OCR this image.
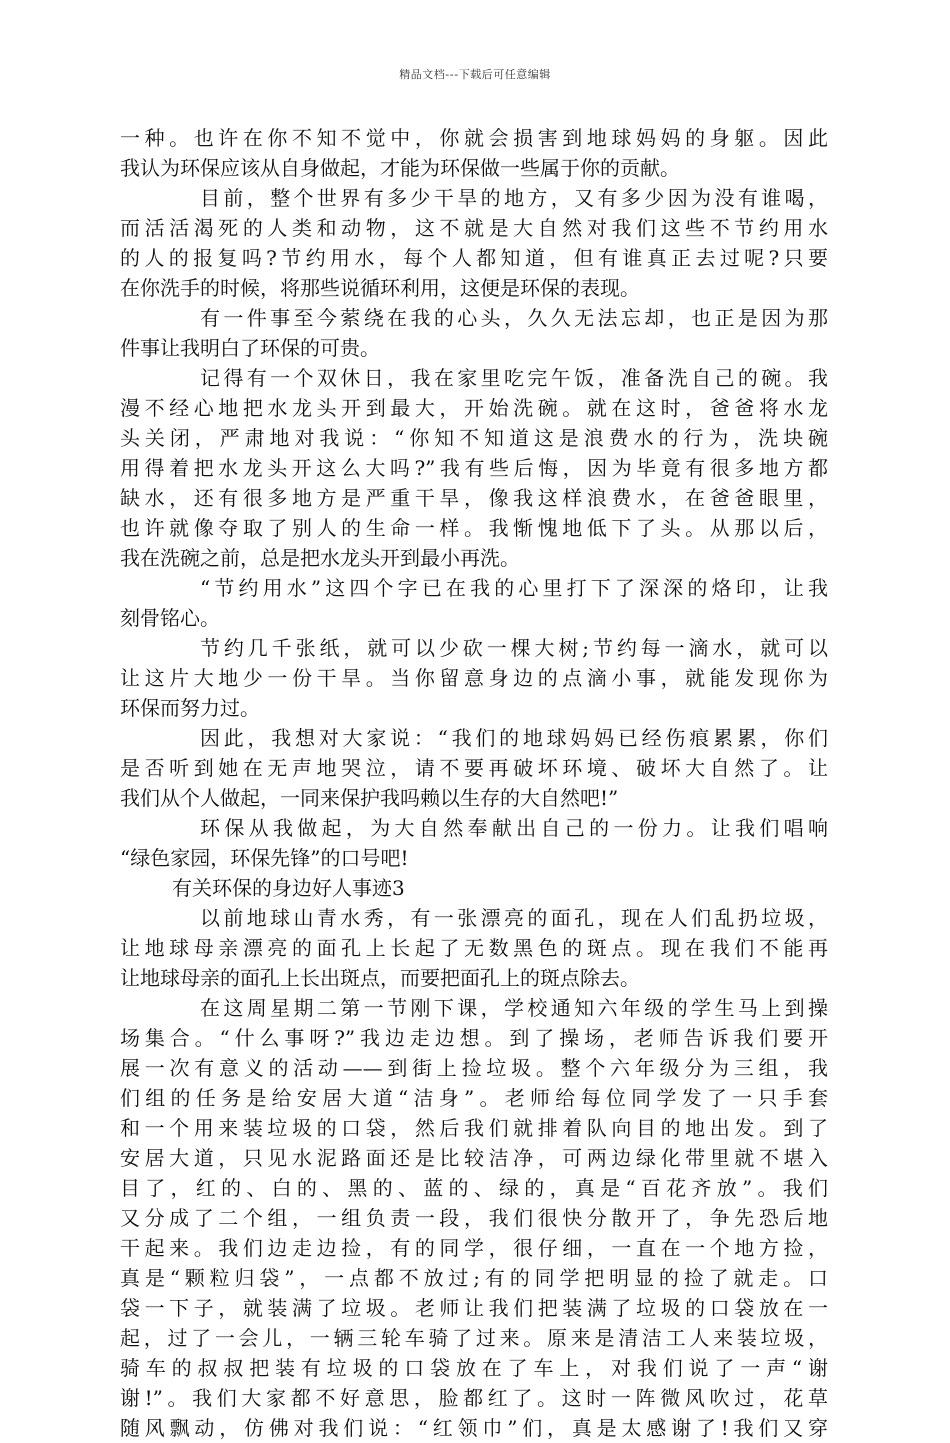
精品文档---下载后可任意编辑
一种。也许在你不知不觉中，你就会损害到地球妈妈的身躯。因此
我认为环保应该从自身做起，才能为环保做一些属于你的贡献。
目前，整个世界有多少干旱的地方，又有多少因为没有谁喝，
而活活渴死的人类和动物，这不就是大自然对我们这些不节约用水
的人的报复吗?节约用水，每个人都知道，但有谁真正去过呢?只要
在你洗手的时候，将那些说循环利用，这便是环保的表现。
有一件事至今萦绕在我的心头，久久无法忘却，也正是因为那
件事让我明白了环保的可贵。
记得有一个双休日，我在家里吃完午饭，准备洗自己的碗。我
漫不经心地把水龙头开到最大，开始洗碗。就在这时，爸爸将水龙
头关闭，严肃地对我说：“你知不知道这是浪费水的行为，洗块碗
用得着把水龙头开这么大吗?”我有些后悔，因为毕竟有很多地方都
缺水，还有很多地方是严重干旱，像我这样浪费水，在爸爸眼里，
也许就像夺取了别人的生命一样。我惭愧地低下了头。从那以后，
我在洗碗之前，总是把水龙头开到最小再洗。
“节约用水”这四个字已在我的心里打下了深深的烙印，让我
刻骨铭心。
节约几千张纸，就可以少砍一棵大树;节约每一滴水，就可以
让这片大地少一份干旱。当你留意身边的点滴小事，就能发现你为
环保而努力过。
因此，我想对大家说：“我们的地球妈妈已经伤痕累累，你们
是否听到她在无声地哭泣，请不要再破坏环境、破坏大自然了。让
我们从个人做起，一同来保护我吗赖以生存的大自然吧!”
环保从我做起，为大自然奉献出自己的一份力。让我们唱响
“绿色家园，环保先锋”的口号吧!
有关环保的身边好人事迹3
以前地球山青水秀，有一张漂亮的面孔，现在人们乱扔垃圾，
让地球母亲漂亮的面孔上长起了无数黑色的斑点。现在我们不能再
让地球母亲的面孔上长出斑点，而要把面孔上的斑点除去。
在这周星期二第一节刚下课，学校通知六年级的学生马上到操
场集合。“什么事呀?”我边走边想。到了操场，老师告诉我们要开
展一次有意义的活动——到街上捡垃圾。整个六年级分为三组，我
们组的任务是给安居大道“洁身”。老师给每位同学发了一只手套
和一个用来装垃圾的口袋，然后我们就排着队向目的地出发。到了
安居大道，只见水泥路面还是比较洁净，可两边绿化带里就不堪入
目了，红的、白的、黑的、蓝的、绿的，真是“百花齐放”。我们
又分成了二个组，一组负责一段，我们很快分散开了，争先恐后地
干起来。我们边走边捡，有的同学，很仔细，一直在一个地方捡，
真是“颗粒归袋”，一点都不放过;有的同学把明显的捡了就走。口
袋一下子，就装满了垃圾。老师让我们把装满了垃圾的口袋放在一
起，过了一会儿，一辆三轮车骑了过来。原来是清洁工人来装垃圾，
骑车的叔叔把装有垃圾的口袋放在了车上，对我们说了一声“谢
谢!”。我们大家都不好意思，脸都红了。这时一阵微风吹过，花草
随风飘动，仿佛对我们说：“红领巾”们，真是太感谢了!我们又穿
